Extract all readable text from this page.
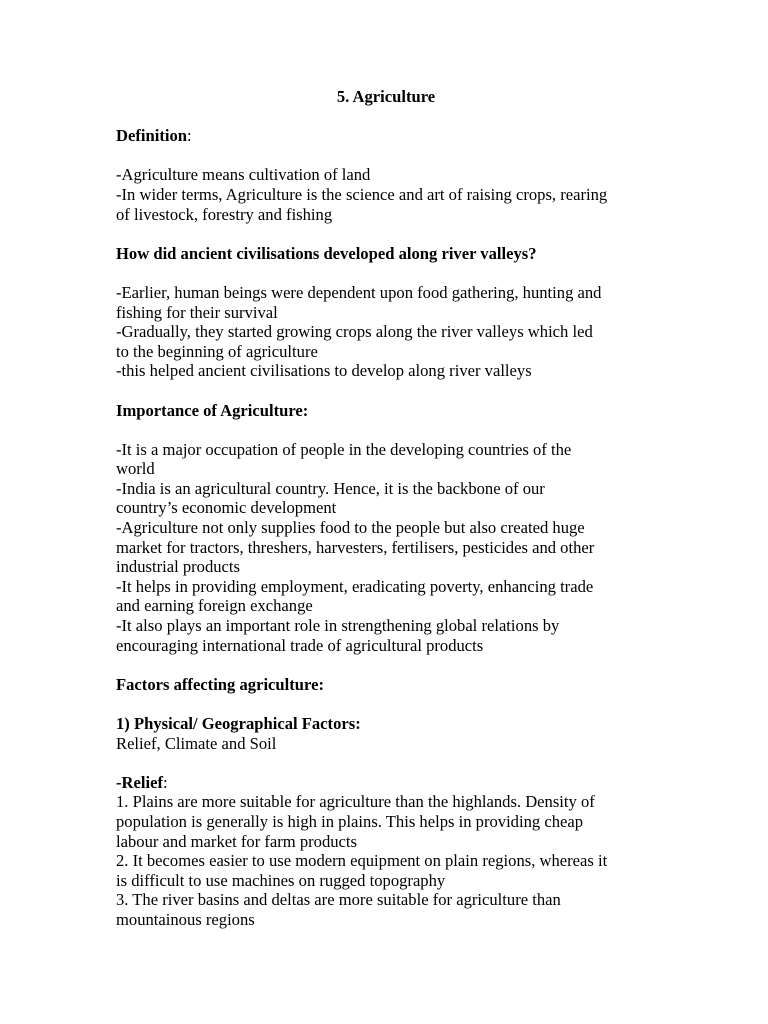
5. Agriculture

Definition:

-Agriculture means cultivation of land

-In wider terms, Agriculture is the science and art of raising crops, rearing

of livestock, forestry and fishing

How did ancient civilisations developed along river valleys?

-Earlier, human beings were dependent upon food gathering, hunting and

fishing for their survival

-Gradually, they started growing crops along the river valleys which led

to the beginning of agriculture

-this helped ancient civilisations to develop along river valleys

Importance of Agriculture:

-It is a major occupation of people in the developing countries of the

world

-India is an agricultural country. Hence, it is the backbone of our

country’s economic development

-Agriculture not only supplies food to the people but also created huge

market for tractors, threshers, harvesters, fertilisers, pesticides and other

industrial products

-It helps in providing employment, eradicating poverty, enhancing trade

and earning foreign exchange

-It also plays an important role in strengthening global relations by

encouraging international trade of agricultural products

Factors affecting agriculture:

1) Physical/ Geographical Factors:

Relief, Climate and Soil

-Relief:

1. Plains are more suitable for agriculture than the highlands. Density of

population is generally is high in plains. This helps in providing cheap

labour and market for farm products

2. It becomes easier to use modern equipment on plain regions, whereas it

is difficult to use machines on rugged topography

3. The river basins and deltas are more suitable for agriculture than

mountainous regions
